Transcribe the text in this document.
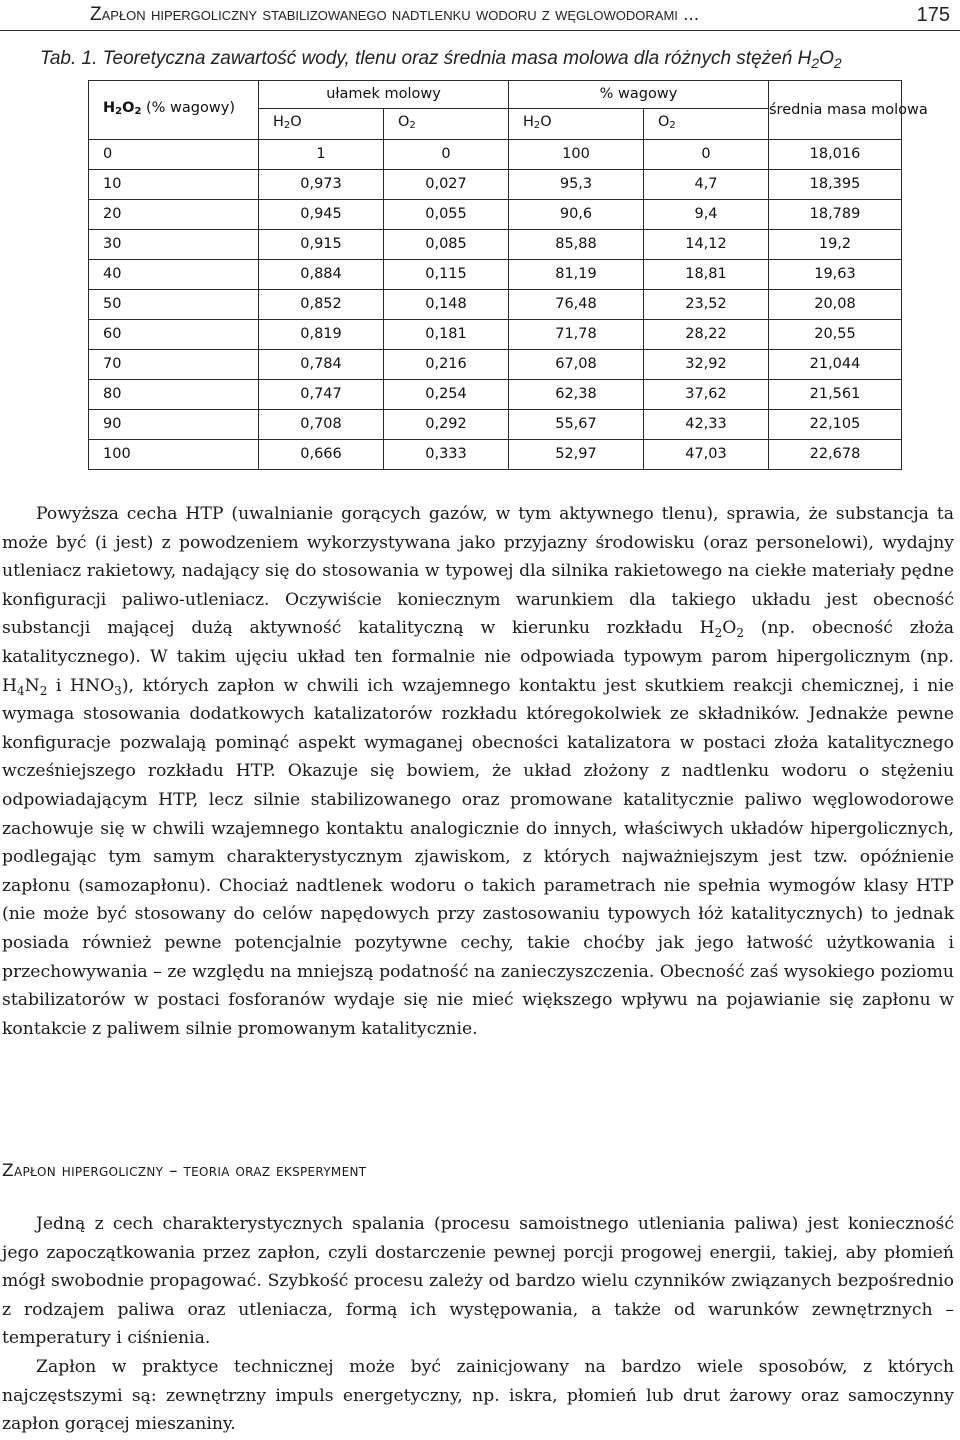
Zapłon hipergoliczny stabilizowanego nadtlenku wodoru z węglowodorami ...	175
Tab. 1. Teoretyczna zawartość wody, tlenu oraz średnia masa molowa dla różnych stężeń $H_2O_2$
$H_2O_2$ (% wagowy)	ułamek molowy		% wagowy		średnia masa molowa
	$H_2O$	$O_2$	$H_2O$	$O_2$
0	1	0	100	0	18,016
10	0,973	0,027	95,3	4,7	18,395
20	0,945	0,055	90,6	9,4	18,789
30	0,915	0,085	85,88	14,12	19,2
40	0,884	0,115	81,19	18,81	19,63
50	0,852	0,148	76,48	23,52	20,08
60	0,819	0,181	71,78	28,22	20,55
70	0,784	0,216	67,08	32,92	21,044
80	0,747	0,254	62,38	37,62	21,561
90	0,708	0,292	55,67	42,33	22,105
100	0,666	0,333	52,97	47,03	22,678

Powyższa cecha HTP (uwalnianie gorących gazów, w tym aktywnego tlenu), sprawia, że substancja ta może być (i jest) z powodzeniem wykorzystywana jako przyjazny środowisku (oraz personelowi), wydajny utleniacz rakietowy, nadający się do stosowania w typowej dla silnika rakietowego na ciekłe materiały pędne konfiguracji paliwo-utleniacz. Oczywiście koniecznym warunkiem dla takiego układu jest obecność substancji mającej dużą aktywność katalityczną w kierunku rozkładu $H_2O_2$ (np. obecność złoża katalitycznego). W takim ujęciu układ ten formalnie nie odpowiada typowym parom hipergolicznym (np. $H_4N_2$ i $HNO_3$), których zapłon w chwili ich wzajemnego kontaktu jest skutkiem reakcji chemicznej, i nie wymaga stosowania dodatkowych katalizatorów rozkładu któregokolwiek ze składników. Jednakże pewne konfiguracje pozwalają pominąć aspekt wymaganej obecności katalizatora w postaci złoża katalitycznego wcześniejszego rozkładu HTP. Okazuje się bowiem, że układ złożony z nadtlenku wodoru o stężeniu odpowiadającym HTP, lecz silnie stabilizowanego oraz promowane katalitycznie paliwo węglowodorowe zachowuje się w chwili wzajemnego kontaktu analogicznie do innych, właściwych układów hipergolicznych, podlegając tym samym charakterystycznym zjawiskom, z których najważniejszym jest tzw. opóźnienie zapłonu (samozapłonu). Chociaż nadtlenek wodoru o takich parametrach nie spełnia wymogów klasy HTP (nie może być stosowany do celów napędowych przy zastosowaniu typowych łóż katalitycznych) to jednak posiada również pewne potencjalnie pozytywne cechy, takie choćby jak jego łatwość użytkowania i przechowywania – ze względu na mniejszą podatność na zanieczyszczenia. Obecność zaś wysokiego poziomu stabilizatorów w postaci fosforanów wydaje się nie mieć większego wpływu na pojawianie się zapłonu w kontakcie z paliwem silnie promowanym katalitycznie.

Zapłon hipergoliczny – teoria oraz eksperyment

Jedną z cech charakterystycznych spalania (procesu samoistnego utleniania paliwa) jest konieczność jego zapoczątkowania przez zapłon, czyli dostarczenie pewnej porcji progowej energii, takiej, aby płomień mógł swobodnie propagować. Szybkość procesu zależy od bardzo wielu czynników związanych bezpośrednio z rodzajem paliwa oraz utleniacza, formą ich występowania, a także od warunków zewnętrznych – temperatury i ciśnienia.

Zapłon w praktyce technicznej może być zainicjowany na bardzo wiele sposobów, z których najczęstszymi są: zewnętrzny impuls energetyczny, np. iskra, płomień lub drut żarowy oraz samoczynny zapłon gorącej mieszaniny.
